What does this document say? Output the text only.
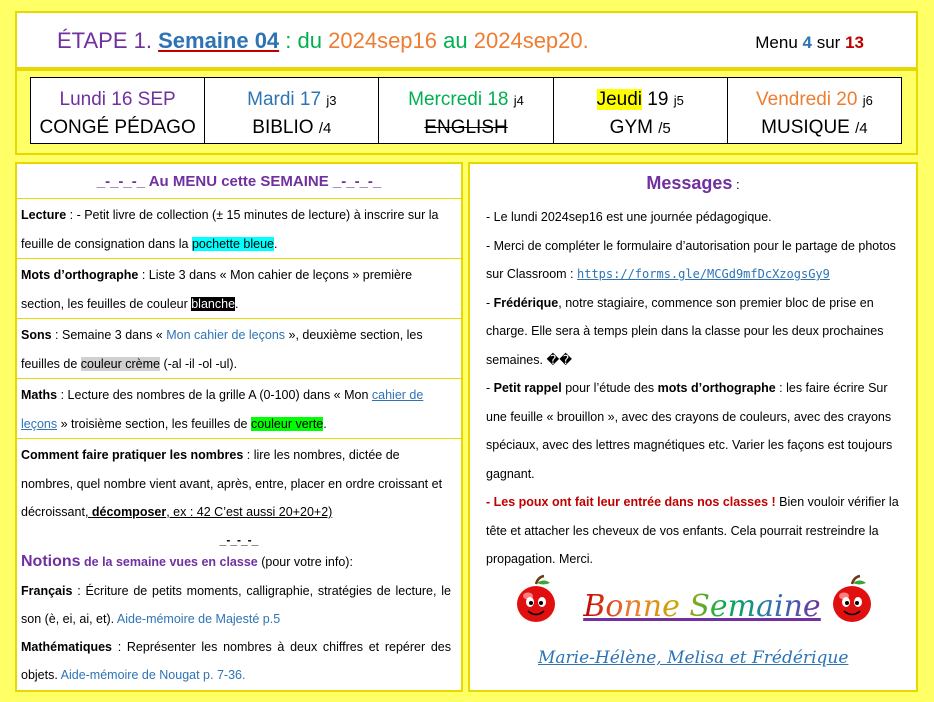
ÉTAPE 1. Semaine 04 : du 2024sep16 au 2024sep20.	Menu 4 sur 13
Lundi 16 SEP
CONGÉ PÉDAGO
Mardi 17 j3
BIBLIO /4
Mercredi 18 j4
ENGLISH
Jeudi 19 j5
GYM /5
Vendredi 20 j6
MUSIQUE /4
_-_-_-_ Au MENU cette SEMAINE _-_-_-_
Lecture : - Petit livre de collection (± 15 minutes de lecture) à inscrire sur la feuille de consignation dans la pochette bleue.
Mots d’orthographe : Liste 3 dans « Mon cahier de leçons » première section, les feuilles de couleur blanche.
Sons : Semaine 3 dans « Mon cahier de leçons », deuxième section, les feuilles de couleur crème (-al -il -ol -ul).
Maths : Lecture des nombres de la grille A (0-100) dans « Mon cahier de leçons » troisième section, les feuilles de couleur verte.
Comment faire pratiquer les nombres : lire les nombres, dictée de nombres, quel nombre vient avant, après, entre, placer en ordre croissant et décroissant, décomposer, ex : 42 C’est aussi 20+20+2)
_-_-_-_
Notions de la semaine vues en classe (pour votre info):
Français : Écriture de petits moments, calligraphie, stratégies de lecture, le son (è, ei, ai, et). Aide-mémoire de Majesté p.5
Mathématiques : Représenter les nombres à deux chiffres et repérer des objets. Aide-mémoire de Nougat p. 7-36.
Messages :
- Le lundi 2024sep16 est une journée pédagogique.
- Merci de compléter le formulaire d’autorisation pour le partage de photos sur Classroom : https://forms.gle/MCGd9mfDcXzogsGy9
- Frédérique, notre stagiaire, commence son premier bloc de prise en charge. Elle sera à temps plein dans la classe pour les deux prochaines semaines. ��
- Petit rappel pour l’étude des mots d’orthographe : les faire écrire Sur une feuille « brouillon », avec des crayons de couleurs, avec des crayons spéciaux, avec des lettres magnétiques etc. Varier les façons est toujours gagnant.
- Les poux ont fait leur entrée dans nos classes ! Bien vouloir vérifier la tête et attacher les cheveux de vos enfants. Cela pourrait restreindre la propagation. Merci.
Bonne Semaine
Marie-Hélène, Melisa et Frédérique
